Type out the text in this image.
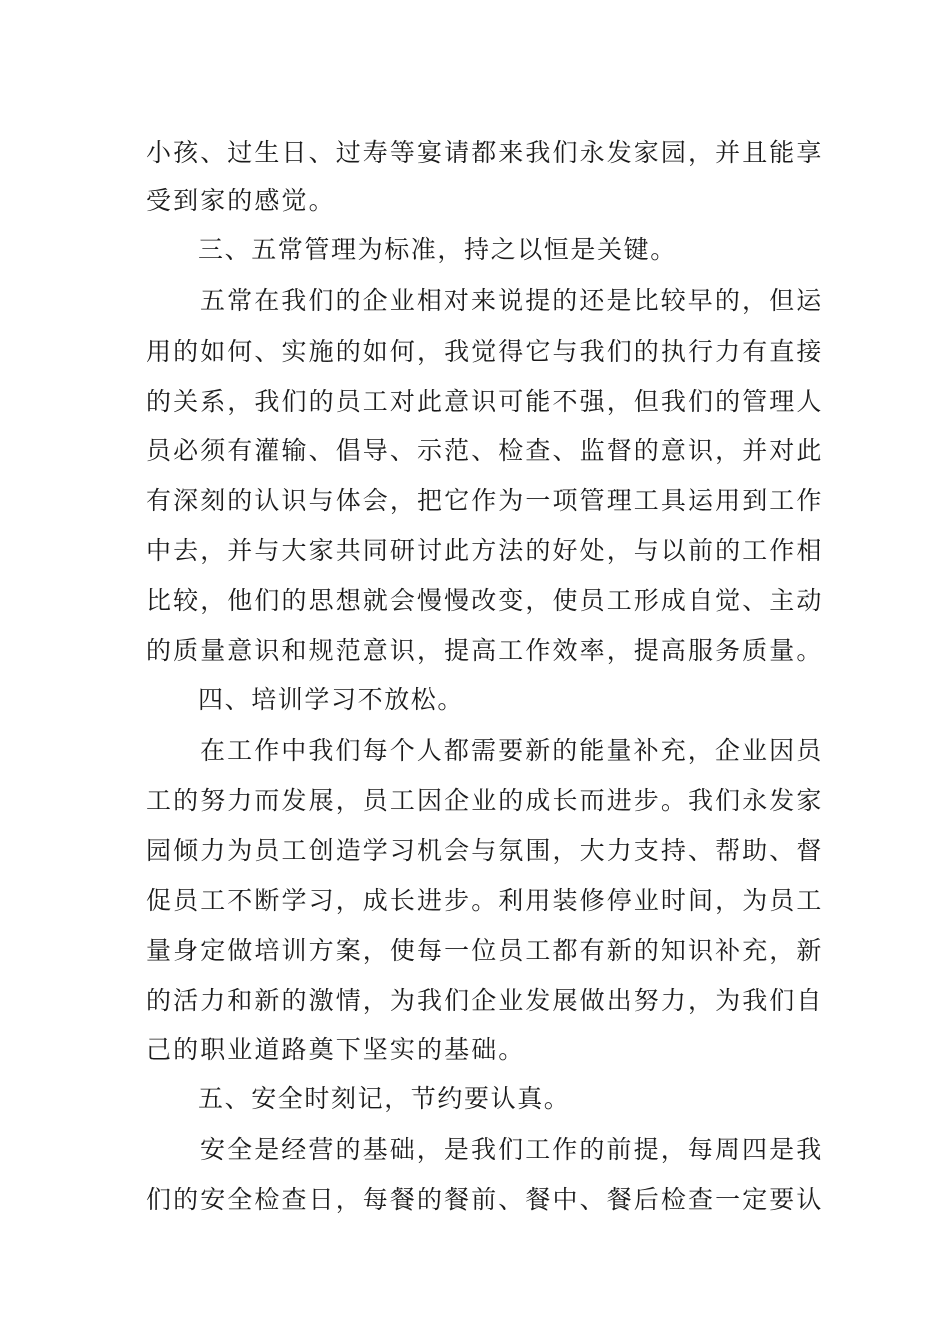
小孩、过生日、过寿等宴请都来我们永发家园，并且能享
受到家的感觉。
三、五常管理为标准，持之以恒是关键。
五常在我们的企业相对来说提的还是比较早的，但运
用的如何、实施的如何，我觉得它与我们的执行力有直接
的关系，我们的员工对此意识可能不强，但我们的管理人
员必须有灌输、倡导、示范、检查、监督的意识，并对此
有深刻的认识与体会，把它作为一项管理工具运用到工作
中去，并与大家共同研讨此方法的好处，与以前的工作相
比较，他们的思想就会慢慢改变，使员工形成自觉、主动
的质量意识和规范意识，提高工作效率，提高服务质量。
四、培训学习不放松。
在工作中我们每个人都需要新的能量补充，企业因员
工的努力而发展，员工因企业的成长而进步。我们永发家
园倾力为员工创造学习机会与氛围，大力支持、帮助、督
促员工不断学习，成长进步。利用装修停业时间，为员工
量身定做培训方案，使每一位员工都有新的知识补充，新
的活力和新的激情，为我们企业发展做出努力，为我们自
己的职业道路奠下坚实的基础。
五、安全时刻记，节约要认真。
安全是经营的基础，是我们工作的前提，每周四是我
们的安全检查日，每餐的餐前、餐中、餐后检查一定要认
